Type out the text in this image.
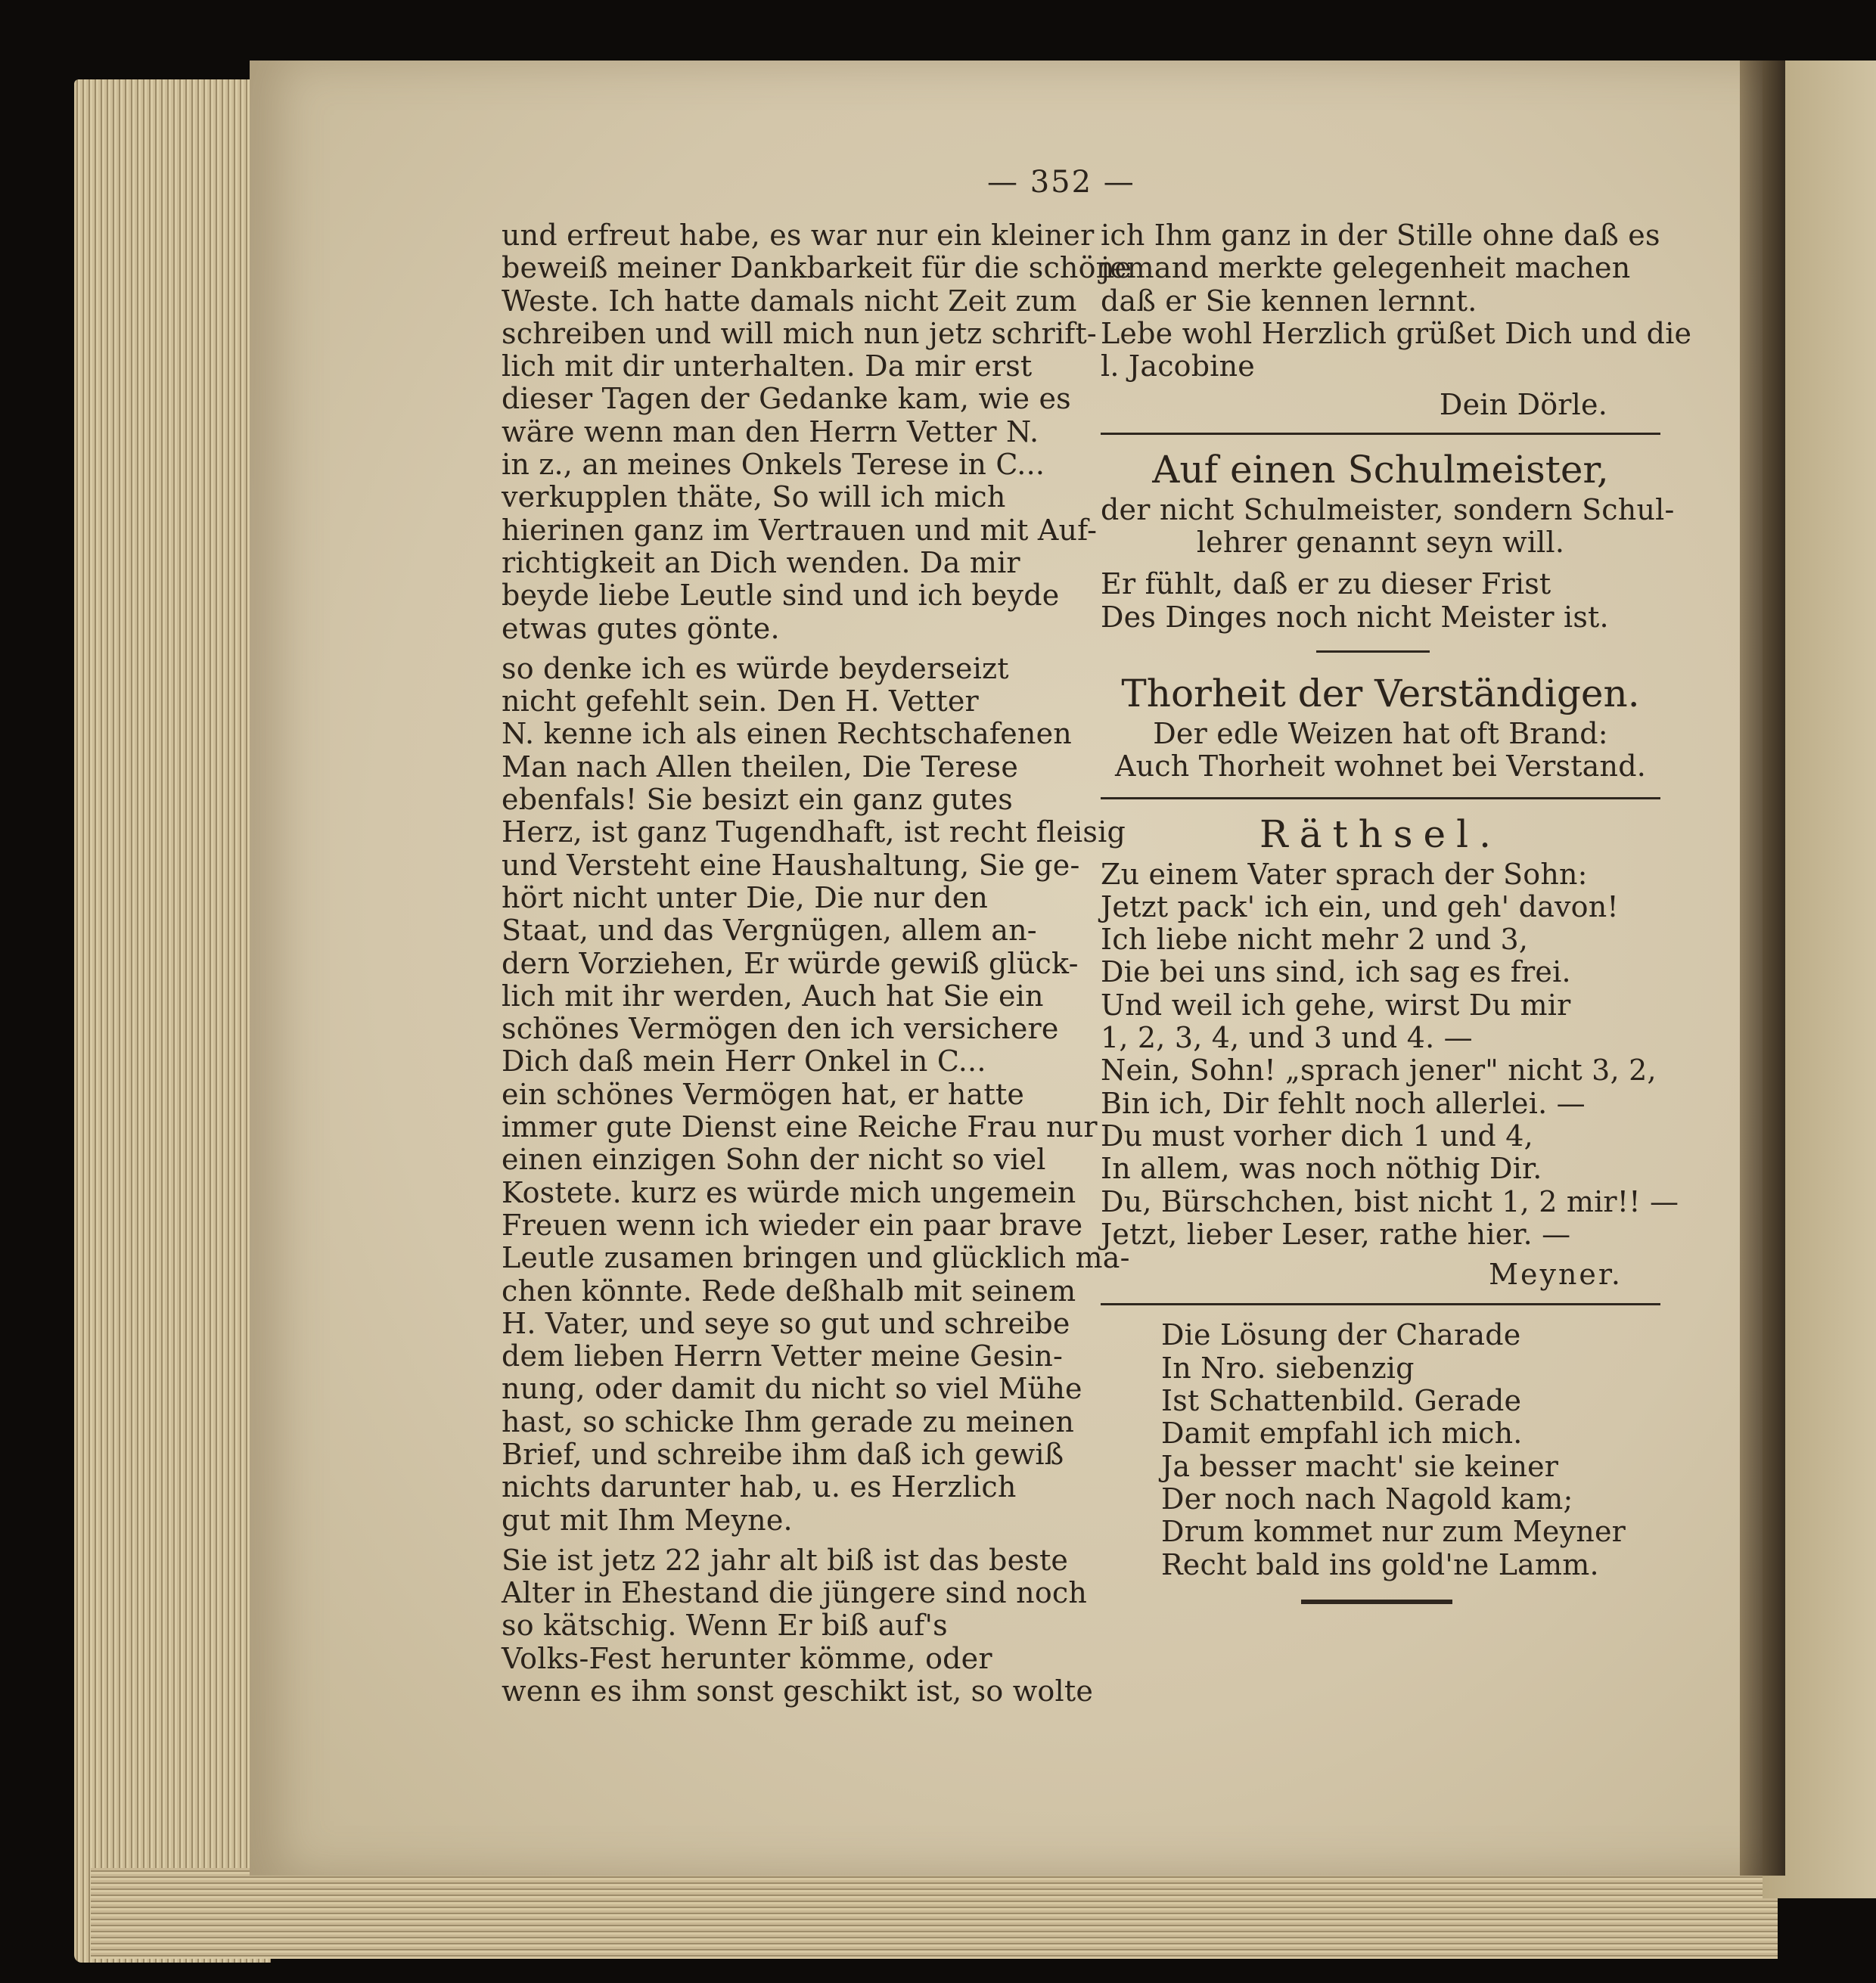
— 352 —
und erfreut habe, es war nur ein kleiner
beweiß meiner Dankbarkeit für die schöne
Weste. Ich hatte damals nicht Zeit zum
schreiben und will mich nun jetz schrift-
lich mit dir unterhalten. Da mir erst
dieser Tagen der Gedanke kam, wie es
wäre wenn man den Herrn Vetter N.
in z., an meines Onkels Terese in C...
verkupplen thäte, So will ich mich
hierinen ganz im Vertrauen und mit Auf-
richtigkeit an Dich wenden. Da mir
beyde liebe Leutle sind und ich beyde
etwas gutes gönte.
so denke ich es würde beyderseizt
nicht gefehlt sein. Den H. Vetter
N. kenne ich als einen Rechtschafenen
Man nach Allen theilen, Die Terese
ebenfals! Sie besizt ein ganz gutes
Herz, ist ganz Tugendhaft, ist recht fleisig
und Versteht eine Haushaltung, Sie ge-
hört nicht unter Die, Die nur den
Staat, und das Vergnügen, allem an-
dern Vorziehen, Er würde gewiß glück-
lich mit ihr werden, Auch hat Sie ein
schönes Vermögen den ich versichere
Dich daß mein Herr Onkel in C...
ein schönes Vermögen hat, er hatte
immer gute Dienst eine Reiche Frau nur
einen einzigen Sohn der nicht so viel
Kostete. kurz es würde mich ungemein
Freuen wenn ich wieder ein paar brave
Leutle zusamen bringen und glücklich ma-
chen könnte. Rede deßhalb mit seinem
H. Vater, und seye so gut und schreibe
dem lieben Herrn Vetter meine Gesin-
nung, oder damit du nicht so viel Mühe
hast, so schicke Ihm gerade zu meinen
Brief, und schreibe ihm daß ich gewiß
nichts darunter hab, u. es Herzlich
gut mit Ihm Meyne.
Sie ist jetz 22 jahr alt biß ist das beste
Alter in Ehestand die jüngere sind noch
so kätschig. Wenn Er biß auf's
Volks-Fest herunter kömme, oder
wenn es ihm sonst geschikt ist, so wolte
ich Ihm ganz in der Stille ohne daß es
jemand merkte gelegenheit machen
daß er Sie kennen lernnt.
Lebe wohl Herzlich grüßet Dich und die
l. Jacobine
Dein Dörle.
Auf einen Schulmeister,
der nicht Schulmeister, sondern Schul-
lehrer genannt seyn will.
Er fühlt, daß er zu dieser Frist
Des Dinges noch nicht Meister ist.
Thorheit der Verständigen.
Der edle Weizen hat oft Brand:
Auch Thorheit wohnet bei Verstand.
Räthsel.
Zu einem Vater sprach der Sohn:
Jetzt pack' ich ein, und geh' davon!
Ich liebe nicht mehr 2 und 3,
Die bei uns sind, ich sag es frei.
Und weil ich gehe, wirst Du mir
1, 2, 3, 4, und 3 und 4. —
Nein, Sohn! „sprach jener" nicht 3, 2,
Bin ich, Dir fehlt noch allerlei. —
Du must vorher dich 1 und 4,
In allem, was noch nöthig Dir.
Du, Bürschchen, bist nicht 1, 2 mir!! —
Jetzt, lieber Leser, rathe hier. —
Meyner.
Die Lösung der Charade
In Nro. siebenzig
Ist Schattenbild. Gerade
Damit empfahl ich mich.
Ja besser macht' sie keiner
Der noch nach Nagold kam;
Drum kommet nur zum Meyner
Recht bald ins gold'ne Lamm.
